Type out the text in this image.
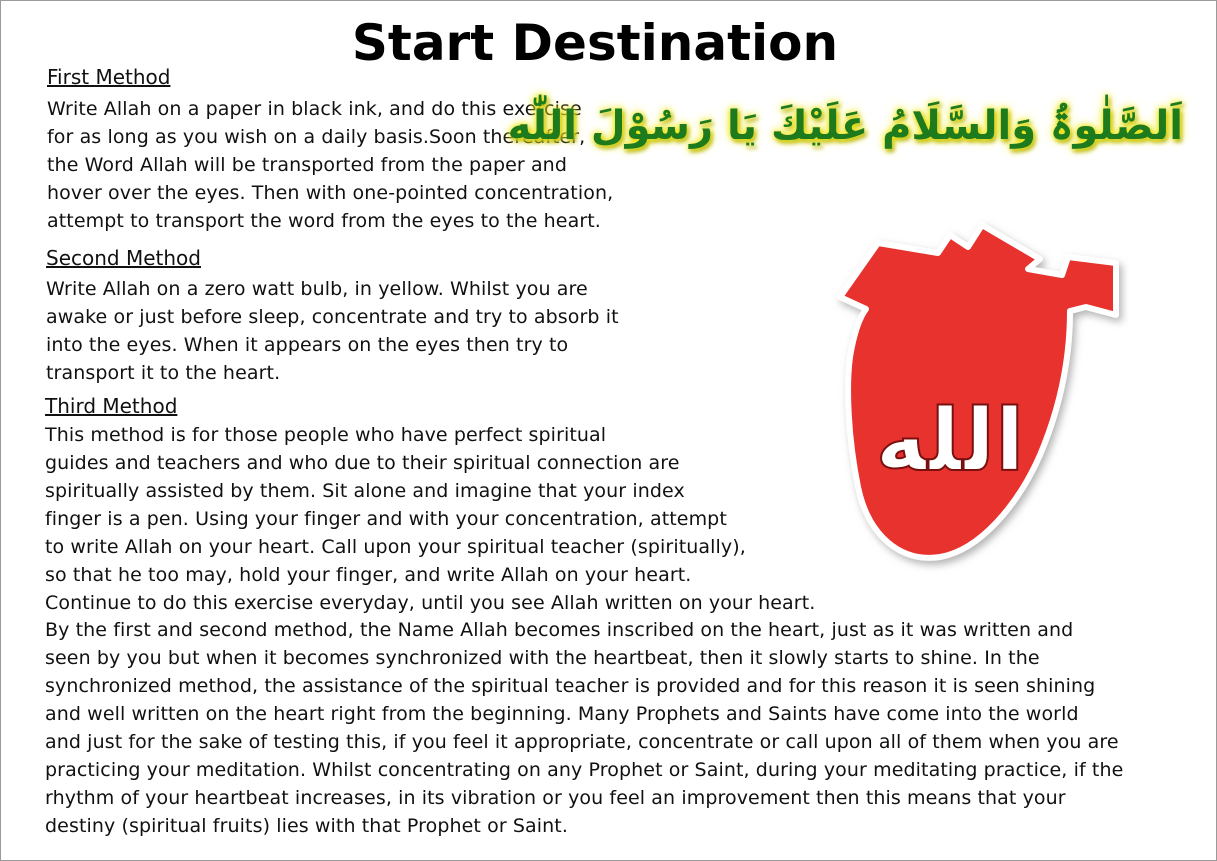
Start Destination
First Method
Write Allah on a paper in black ink, and do this exercise
for as long as you wish on a daily basis.Soon thereafter,
the Word Allah will be transported from the paper and
hover over the eyes. Then with one-pointed concentration,
attempt to transport the word from the eyes to the heart.
Second Method
Write Allah on a zero watt bulb, in yellow. Whilst you are
awake or just before sleep, concentrate and try to absorb it
into the eyes. When it appears on the eyes then try to
transport it to the heart.
Third Method
This method is for those people who have perfect spiritual
guides and teachers and who due to their spiritual connection are
spiritually assisted by them. Sit alone and imagine that your index
finger is a pen. Using your finger and with your concentration, attempt
to write Allah on your heart. Call upon your spiritual teacher (spiritually),
so that he too may, hold your finger, and write Allah on your heart.
Continue to do this exercise everyday, until you see Allah written on your heart.
By the first and second method, the Name Allah becomes inscribed on the heart, just as it was written and
seen by you but when it becomes synchronized with the heartbeat, then it slowly starts to shine. In the
synchronized method, the assistance of the spiritual teacher is provided and for this reason it is seen shining
and well written on the heart right from the beginning. Many Prophets and Saints have come into the world
and just for the sake of testing this, if you feel it appropriate, concentrate or call upon all of them when you are
practicing your meditation. Whilst concentrating on any Prophet or Saint, during your meditating practice, if the
rhythm of your heartbeat increases, in its vibration or you feel an improvement then this means that your
destiny (spiritual fruits) lies with that Prophet or Saint.
اَلصَّلٰوۃُ وَالسَّلَامُ عَلَیْكَ یَا رَسُوْلَ اللّٰه
الله
